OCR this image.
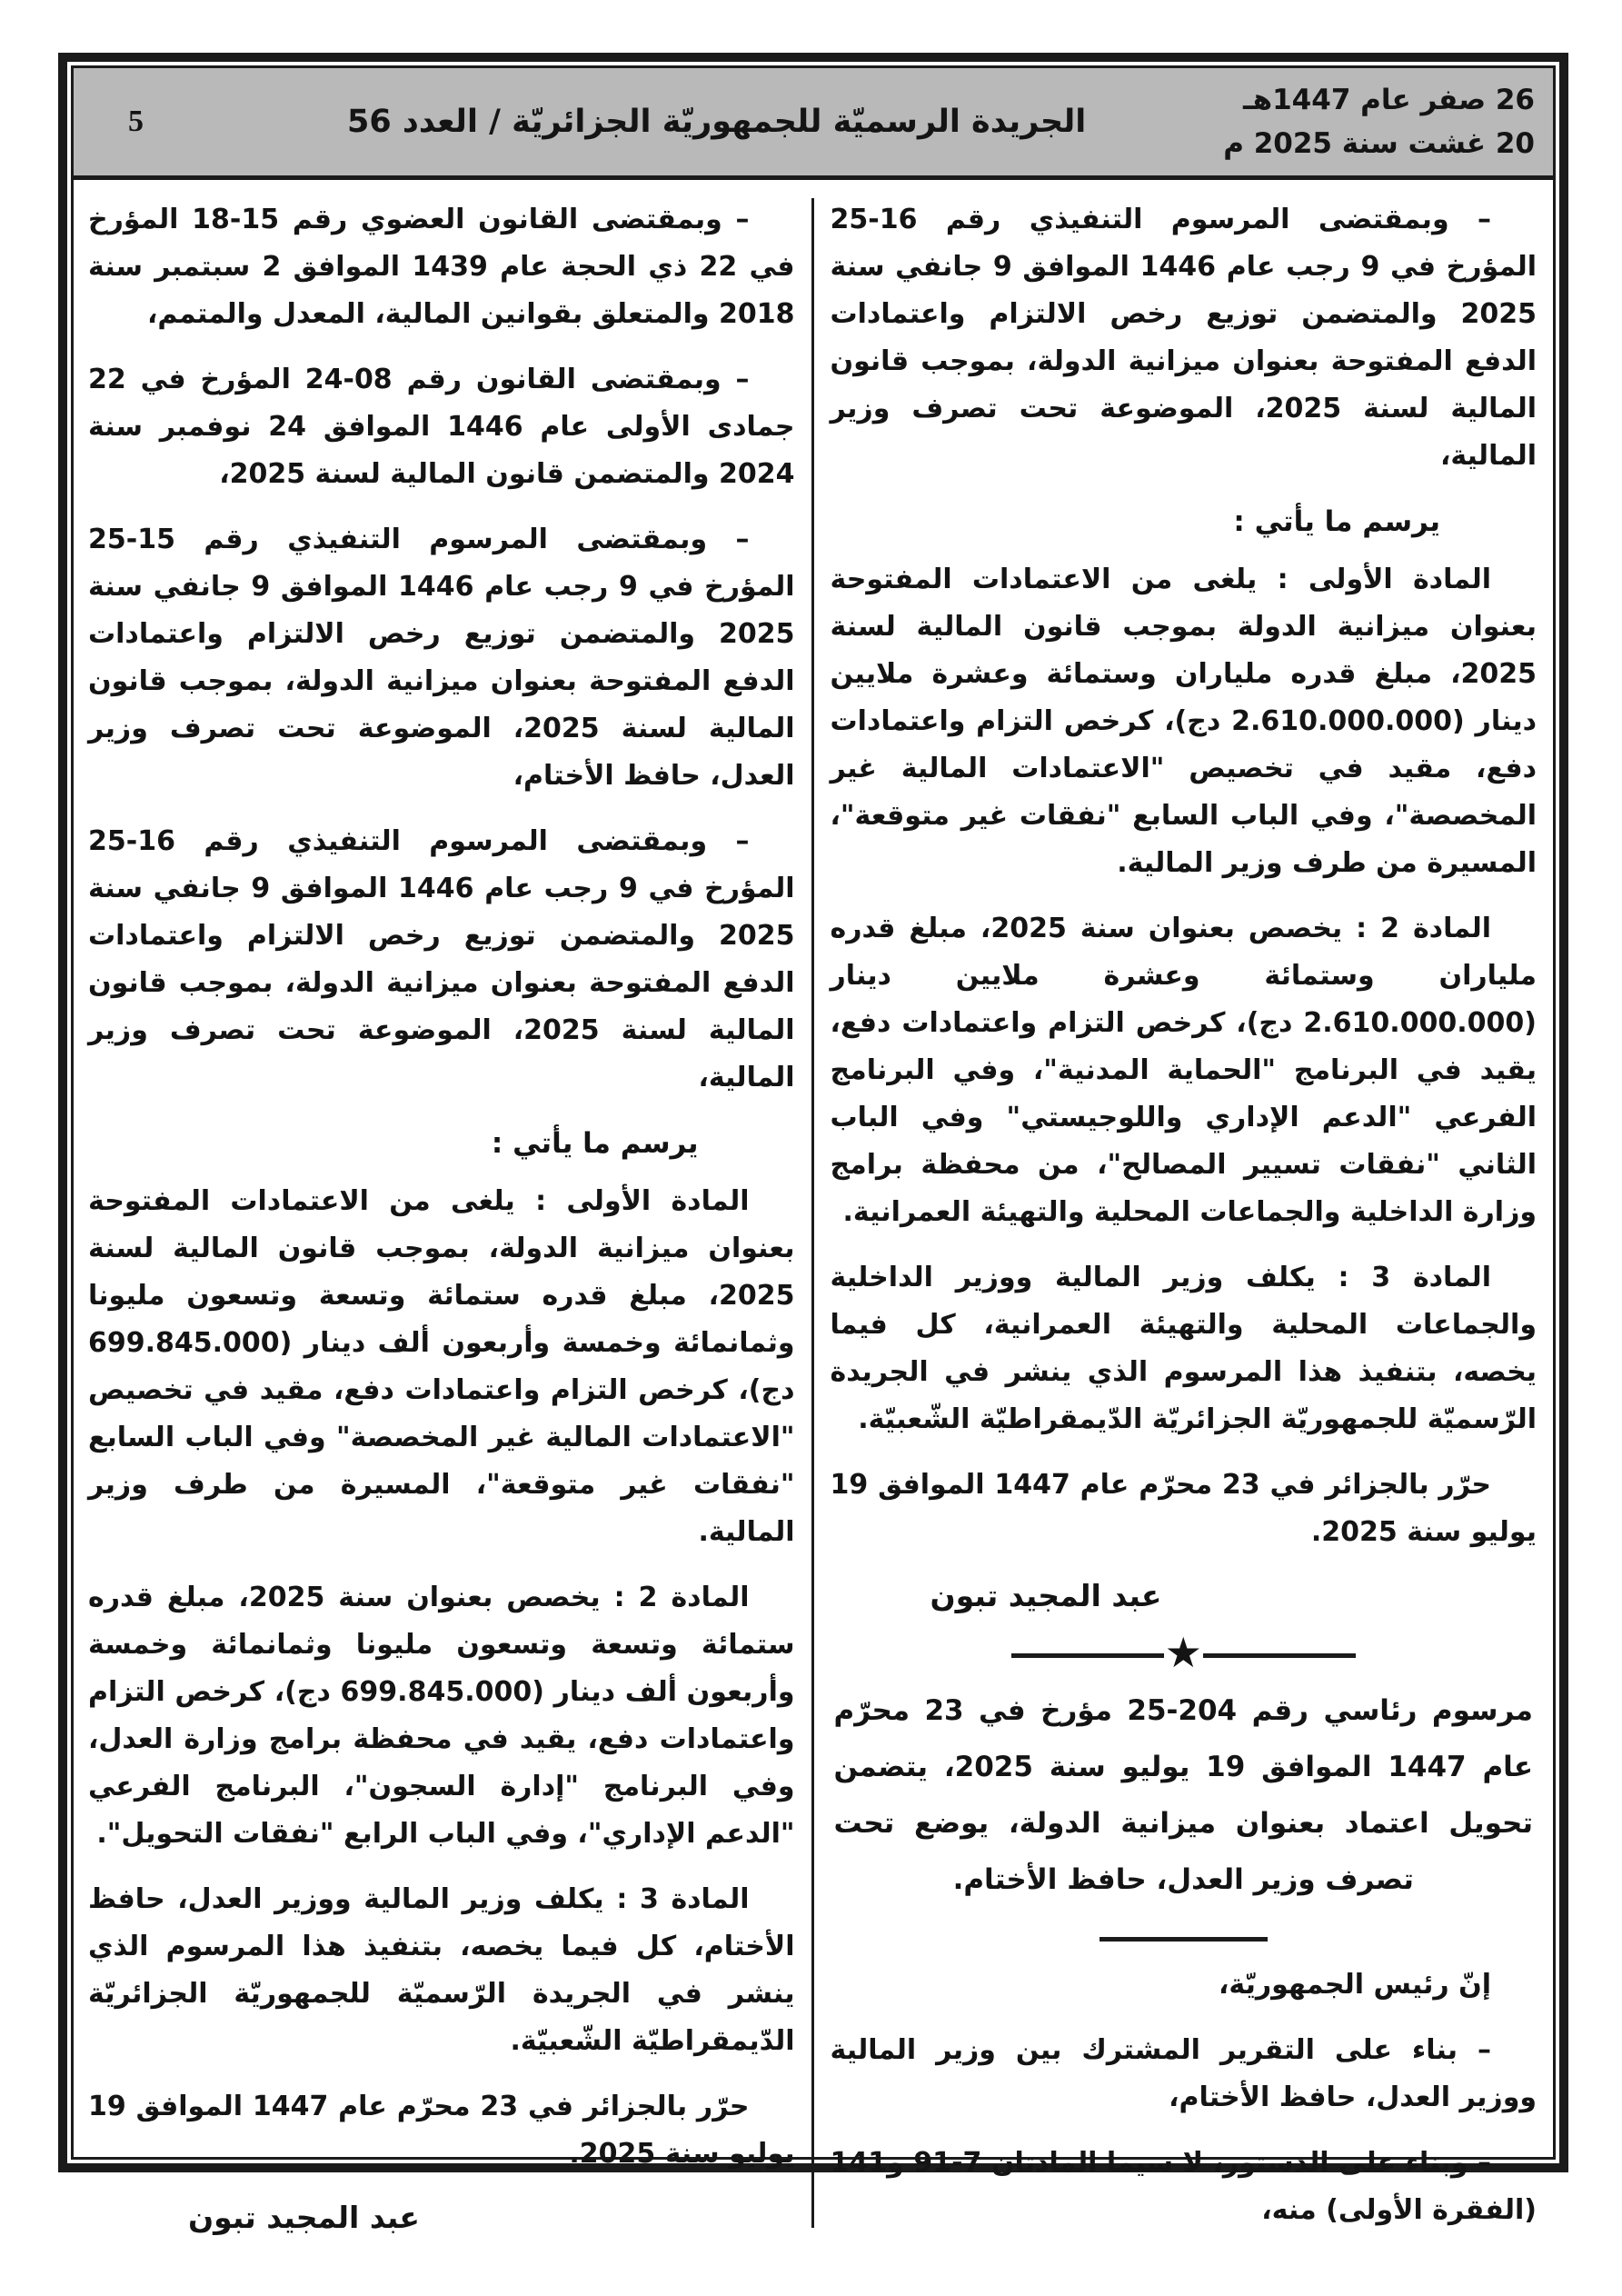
26 صفر عام 1447هـ
20 غشت سنة 2025 م
الجريدة الرسميّة للجمهوريّة الجزائريّة / العدد 56
5

– وبمقتضى المرسوم التنفيذي رقم 16-25 المؤرخ في 9 رجب عام 1446 الموافق 9 جانفي سنة 2025 والمتضمن توزيع رخص الالتزام واعتمادات الدفع المفتوحة بعنوان ميزانية الدولة، بموجب قانون المالية لسنة 2025، الموضوعة تحت تصرف وزير المالية،

يرسم ما يأتي :

المادة الأولى : يلغى من الاعتمادات المفتوحة بعنوان ميزانية الدولة بموجب قانون المالية لسنة 2025، مبلغ قدره ملياران وستمائة وعشرة ملايين دينار (2.610.000.000 دج)، كرخص التزام واعتمادات دفع، مقيد في تخصيص "الاعتمادات المالية غير المخصصة"، وفي الباب السابع "نفقات غير متوقعة"، المسيرة من طرف وزير المالية.

المادة 2 : يخصص بعنوان سنة 2025، مبلغ قدره ملياران وستمائة وعشرة ملايين دينار (2.610.000.000 دج)، كرخص التزام واعتمادات دفع، يقيد في البرنامج "الحماية المدنية"، وفي البرنامج الفرعي "الدعم الإداري واللوجيستي" وفي الباب الثاني "نفقات تسيير المصالح"، من محفظة برامج وزارة الداخلية والجماعات المحلية والتهيئة العمرانية.

المادة 3 : يكلف وزير المالية ووزير الداخلية والجماعات المحلية والتهيئة العمرانية، كل فيما يخصه، بتنفيذ هذا المرسوم الذي ينشر في الجريدة الرّسميّة للجمهوريّة الجزائريّة الدّيمقراطيّة الشّعبيّة.

حرّر بالجزائر في 23 محرّم عام 1447 الموافق 19 يوليو سنة 2025.

عبد المجيد تبون

★

مرسوم رئاسي رقم 204-25 مؤرخ في 23 محرّم عام 1447 الموافق 19 يوليو سنة 2025، يتضمن تحويل اعتماد بعنوان ميزانية الدولة، يوضع تحت تصرف وزير العدل، حافظ الأختام.

إنّ رئيس الجمهوريّة،

– بناء على التقرير المشترك بين وزير المالية ووزير العدل، حافظ الأختام،

– وبناء على الدستور، لا سيما المادتان 7-91 و141 (الفقرة الأولى) منه،

– وبمقتضى القانون العضوي رقم 15-18 المؤرخ في 22 ذي الحجة عام 1439 الموافق 2 سبتمبر سنة 2018 والمتعلق بقوانين المالية، المعدل والمتمم،

– وبمقتضى القانون رقم 08-24 المؤرخ في 22 جمادى الأولى عام 1446 الموافق 24 نوفمبر سنة 2024 والمتضمن قانون المالية لسنة 2025،

– وبمقتضى المرسوم التنفيذي رقم 15-25 المؤرخ في 9 رجب عام 1446 الموافق 9 جانفي سنة 2025 والمتضمن توزيع رخص الالتزام واعتمادات الدفع المفتوحة بعنوان ميزانية الدولة، بموجب قانون المالية لسنة 2025، الموضوعة تحت تصرف وزير العدل، حافظ الأختام،

– وبمقتضى المرسوم التنفيذي رقم 16-25 المؤرخ في 9 رجب عام 1446 الموافق 9 جانفي سنة 2025 والمتضمن توزيع رخص الالتزام واعتمادات الدفع المفتوحة بعنوان ميزانية الدولة، بموجب قانون المالية لسنة 2025، الموضوعة تحت تصرف وزير المالية،

يرسم ما يأتي :

المادة الأولى : يلغى من الاعتمادات المفتوحة بعنوان ميزانية الدولة، بموجب قانون المالية لسنة 2025، مبلغ قدره ستمائة وتسعة وتسعون مليونا وثمانمائة وخمسة وأربعون ألف دينار (699.845.000 دج)، كرخص التزام واعتمادات دفع، مقيد في تخصيص "الاعتمادات المالية غير المخصصة" وفي الباب السابع "نفقات غير متوقعة"، المسيرة من طرف وزير المالية.

المادة 2 : يخصص بعنوان سنة 2025، مبلغ قدره ستمائة وتسعة وتسعون مليونا وثمانمائة وخمسة وأربعون ألف دينار (699.845.000 دج)، كرخص التزام واعتمادات دفع، يقيد في محفظة برامج وزارة العدل، وفي البرنامج "إدارة السجون"، البرنامج الفرعي "الدعم الإداري"، وفي الباب الرابع "نفقات التحويل".

المادة 3 : يكلف وزير المالية ووزير العدل، حافظ الأختام، كل فيما يخصه، بتنفيذ هذا المرسوم الذي ينشر في الجريدة الرّسميّة للجمهوريّة الجزائريّة الدّيمقراطيّة الشّعبيّة.

حرّر بالجزائر في 23 محرّم عام 1447 الموافق 19 يوليو سنة 2025.

عبد المجيد تبون
